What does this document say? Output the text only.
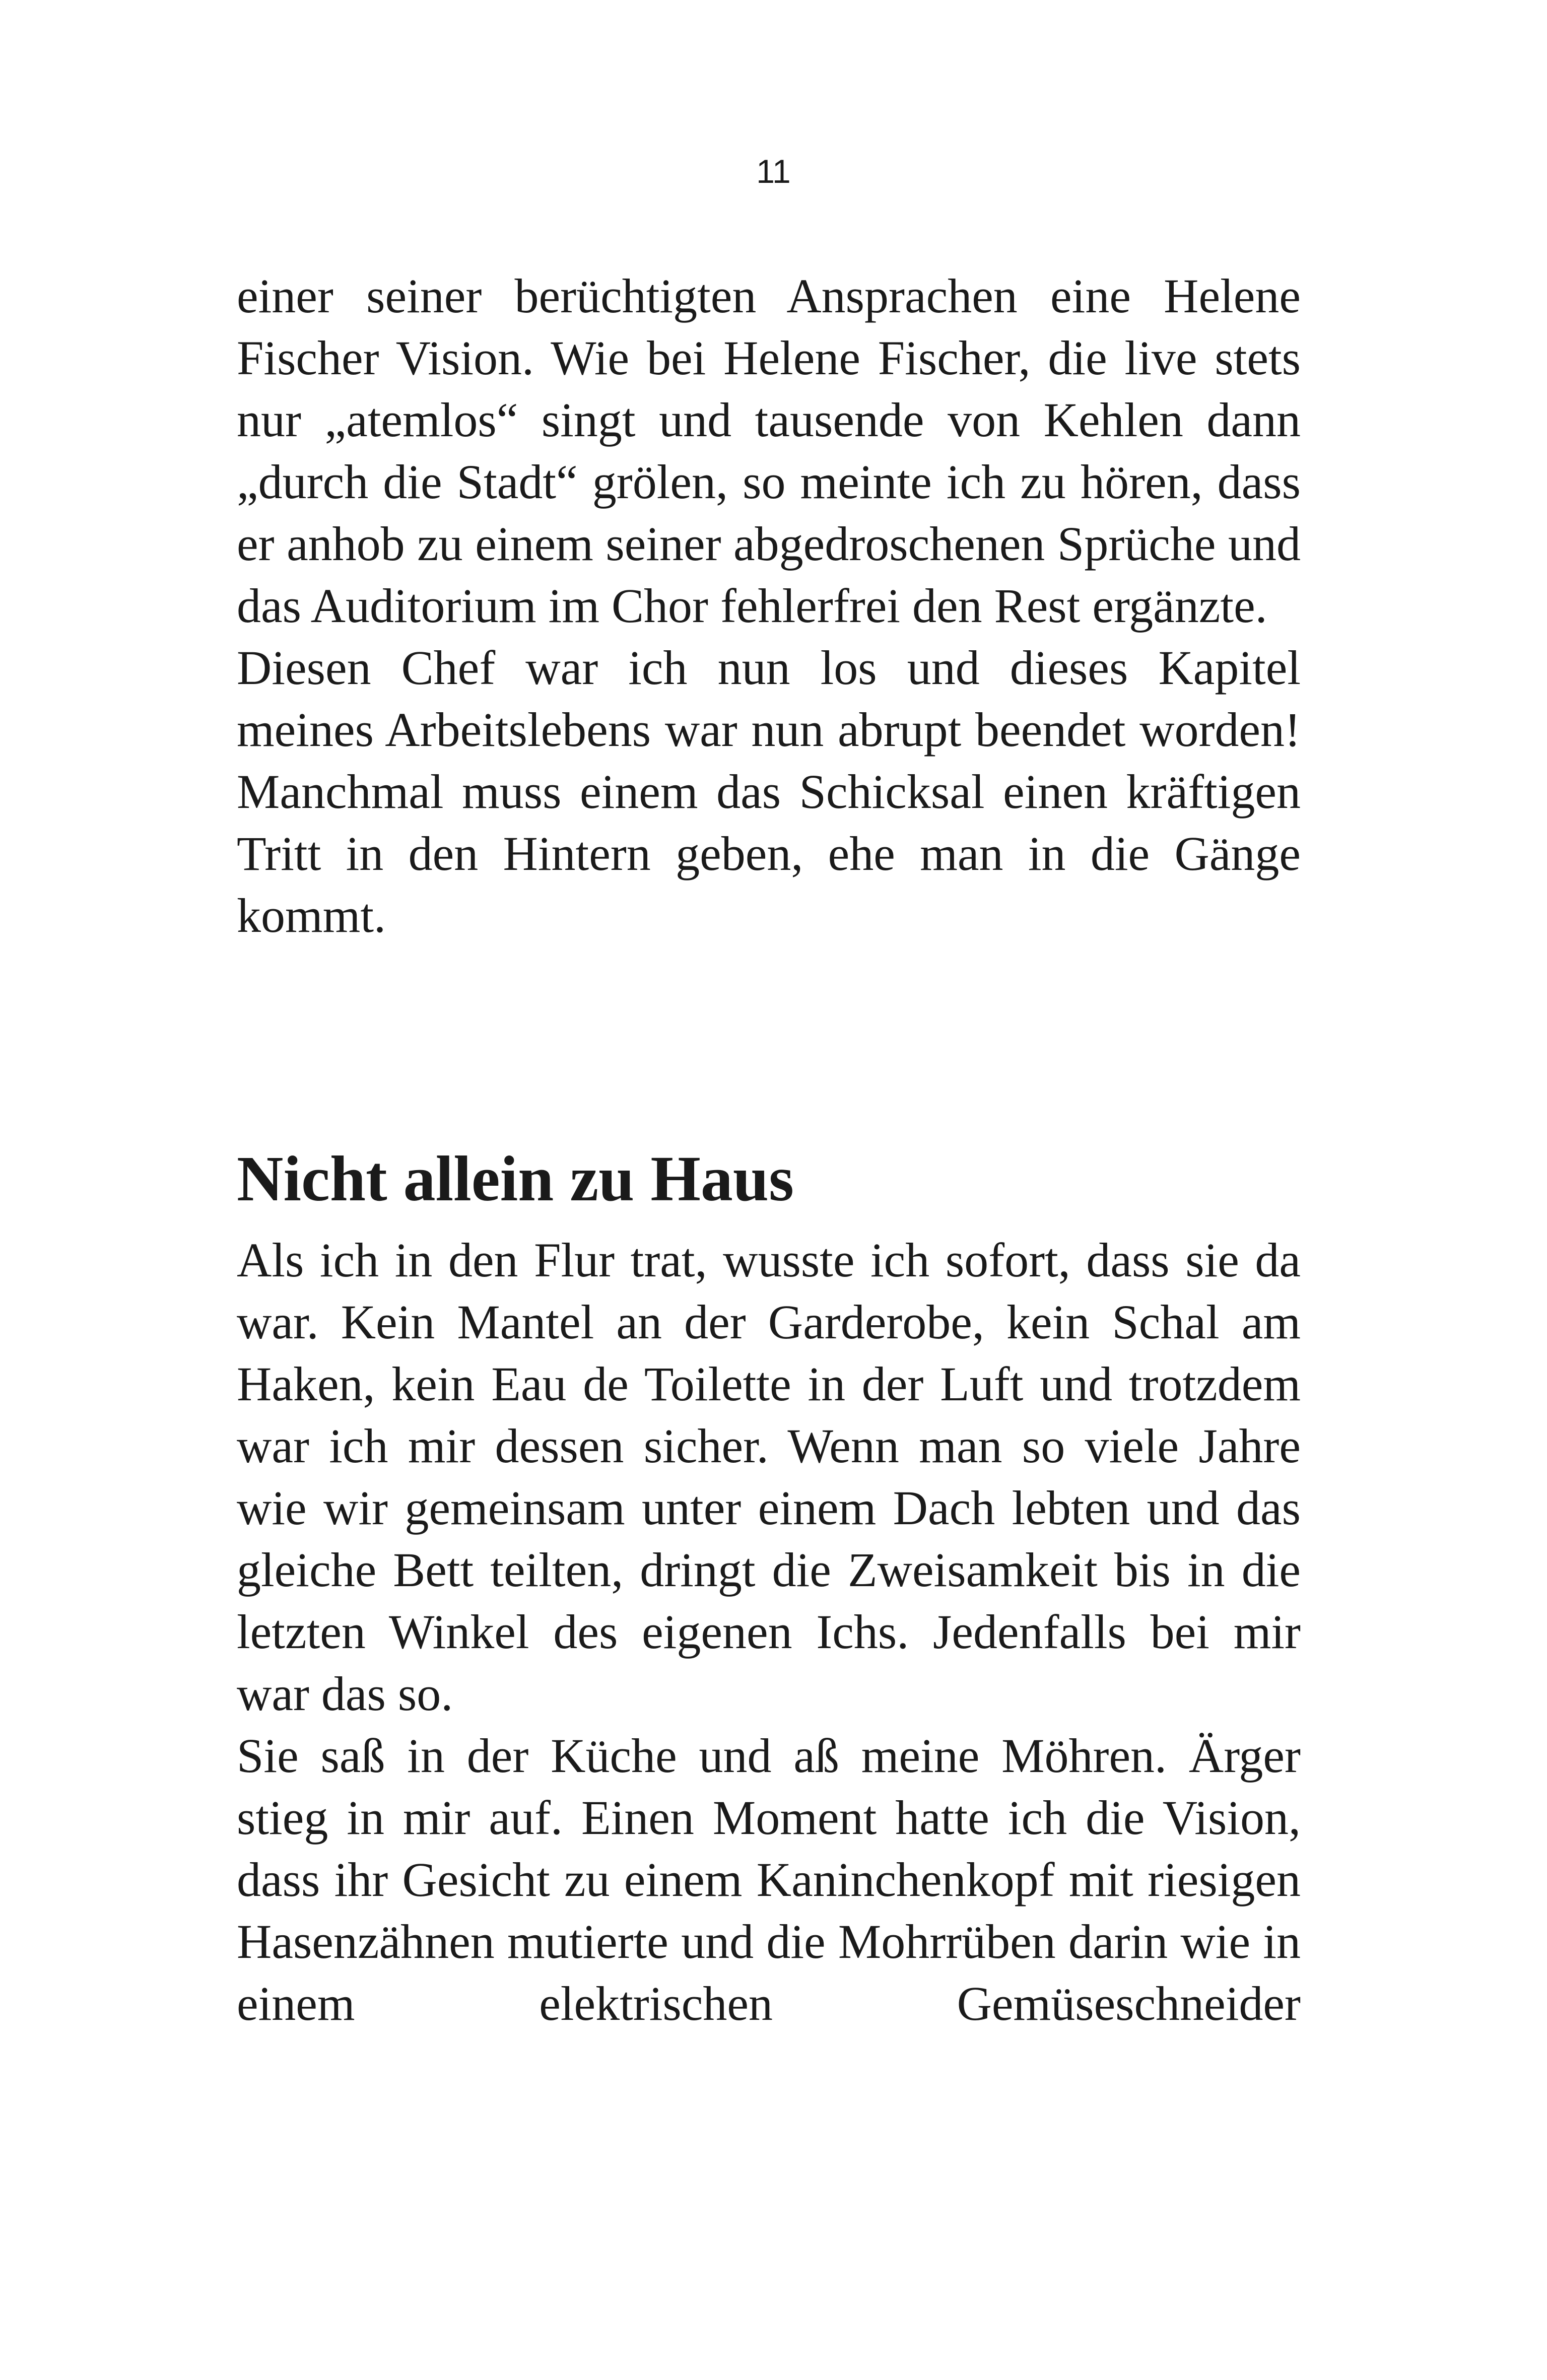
11

einer seiner berüchtigten Ansprachen eine Helene Fischer Vision. Wie bei Helene Fischer, die live stets nur „atemlos“ singt und tausende von Kehlen dann „durch die Stadt“ grölen, so meinte ich zu hören, dass er anhob zu einem seiner abgedroschenen Sprüche und das Auditorium im Chor fehlerfrei den Rest ergänzte.

Diesen Chef war ich nun los und dieses Kapitel meines Arbeitslebens war nun abrupt beendet worden! Manchmal muss einem das Schicksal einen kräftigen Tritt in den Hintern geben, ehe man in die Gänge kommt.

Nicht allein zu Haus

Als ich in den Flur trat, wusste ich sofort, dass sie da war. Kein Mantel an der Garderobe, kein Schal am Haken, kein Eau de Toilette in der Luft und trotzdem war ich mir dessen sicher. Wenn man so viele Jahre wie wir gemeinsam unter einem Dach lebten und das gleiche Bett teilten, dringt die Zweisamkeit bis in die letzten Winkel des eigenen Ichs. Jedenfalls bei mir war das so.

Sie saß in der Küche und aß meine Möhren. Ärger stieg in mir auf. Einen Moment hatte ich die Vision, dass ihr Gesicht zu einem Kaninchenkopf mit riesigen Hasenzähnen mutierte und die Mohrrüben darin wie in einem elektrischen Gemüseschneider
